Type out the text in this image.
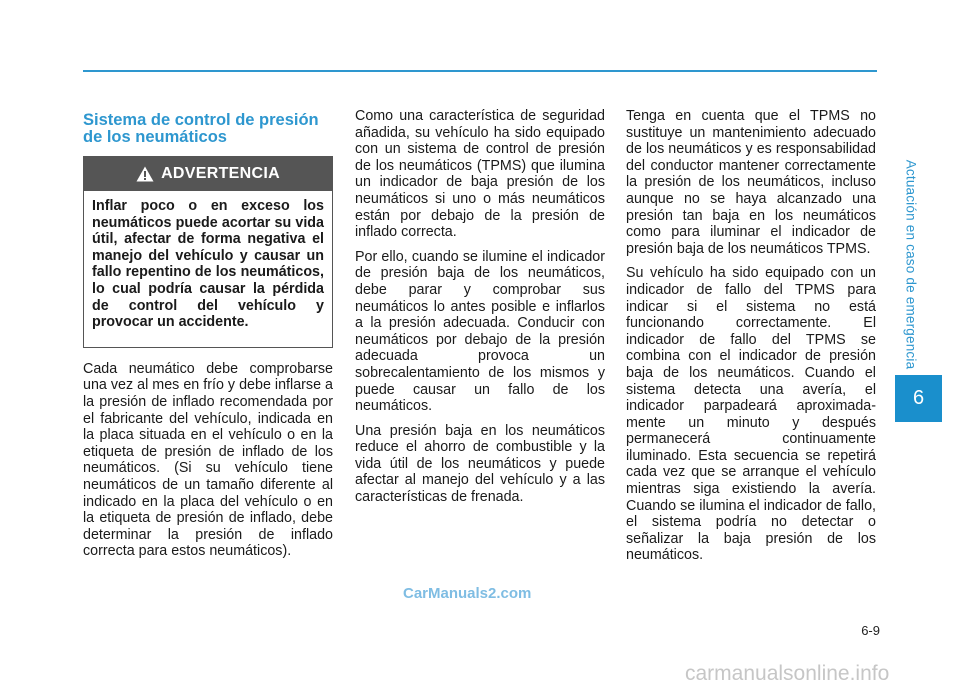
Actuación en caso de emergencia
6
Sistema de control de presión de los neumáticos
ADVERTENCIA

Inflar poco o en exceso los neumáticos puede acortar su vida útil, afectar de forma negativa el manejo del vehículo y causar un fallo repentino de los neumáticos, lo cual podría causar la pérdida de control del vehículo y provocar un accidente.

Cada neumático debe comprobarse una vez al mes en frío y debe inflarse a la presión de inflado recomendada por el fabricante del vehículo, indicada en la placa situada en el vehículo o en la etiqueta de presión de inflado de los neumáticos. (Si su vehículo tiene neumáticos de un tamaño diferente al indicado en la placa del vehículo o en la etiqueta de presión de inflado, debe determinar la presión de inflado correcta para estos neumáticos).

Como una característica de seguridad añadida, su vehículo ha sido equipado con un sistema de control de presión de los neumáticos (TPMS) que ilumina un indicador de baja presión de los neumáticos si uno o más neumáticos están por debajo de la presión de inflado correcta.

Por ello, cuando se ilumine el indicador de presión baja de los neumáticos, debe parar y comprobar sus neumáticos lo antes posible e inflarlos a la presión adecuada. Conducir con neumáticos por debajo de la presión adecuada provoca un sobrecalentamiento de los mismos y puede causar un fallo de los neumáticos.

Una presión baja en los neumáticos reduce el ahorro de combustible y la vida útil de los neumáticos y puede afectar al manejo del vehículo y a las características de frenada.

Tenga en cuenta que el TPMS no sustituye un mantenimiento adecuado de los neumáticos y es responsabilidad del conductor mantener correctamente la presión de los neumáticos, incluso aunque no se haya alcanzado una presión tan baja en los neumáticos como para iluminar el indicador de presión baja de los neumáticos TPMS.

Su vehículo ha sido equipado con un indicador de fallo del TPMS para indicar si el sistema no está funcionando correctamente. El indicador de fallo del TPMS se combina con el indicador de presión baja de los neumáticos. Cuando el sistema detecta una avería, el indicador parpadeará aproximada-mente un minuto y después permanecerá continuamente iluminado. Esta secuencia se repetirá cada vez que se arranque el vehículo mientras siga existiendo la avería. Cuando se ilumina el indicador de fallo, el sistema podría no detectar o señalizar la baja presión de los neumáticos.

CarManuals2.com
6-9
carmanualsonline.info
